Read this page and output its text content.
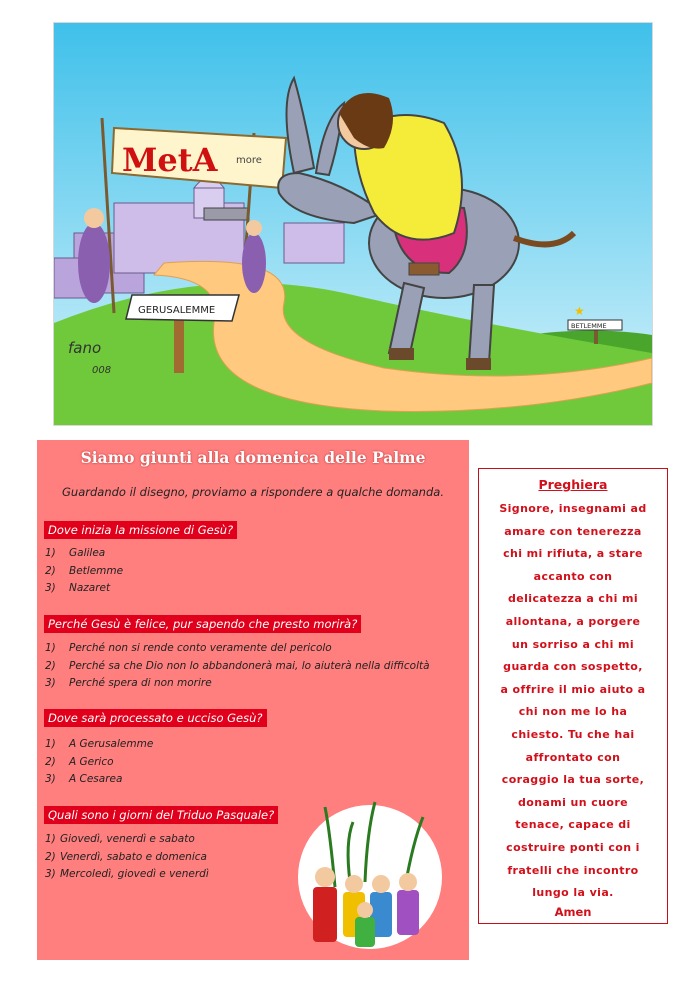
MetA more
GERUSALEMME
BETLEMME
★
fano
008
Siamo giunti alla domenica delle Palme
Guardando il disegno, proviamo a rispondere a qualche domanda.
Dove inizia la missione di Gesù?
1) Galilea
2) Betlemme
3) Nazaret
Perché Gesù è felice, pur sapendo che presto morirà?
1) Perché non si rende conto veramente del pericolo
2) Perché sa che Dio non lo abbandonerà mai, lo aiuterà nella difficoltà
3) Perché spera di non morire
Dove sarà processato e ucciso Gesù?
1) A Gerusalemme
2) A Gerico
3) A Cesarea
Quali sono i giorni del Triduo Pasquale?
1) Giovedì, venerdì e sabato
2) Venerdì, sabato e domenica
3) Mercoledì, giovedì e venerdì
Preghiera
Signore, insegnami ad
amare con tenerezza
chi mi rifiuta, a stare
accanto con
delicatezza a chi mi
allontana, a porgere
un sorriso a chi mi
guarda con sospetto,
a offrire il mio aiuto a
chi non me lo ha
chiesto. Tu che hai
affrontato con
coraggio la tua sorte,
donami un cuore
tenace, capace di
costruire ponti con i
fratelli che incontro
lungo la via.
Amen
